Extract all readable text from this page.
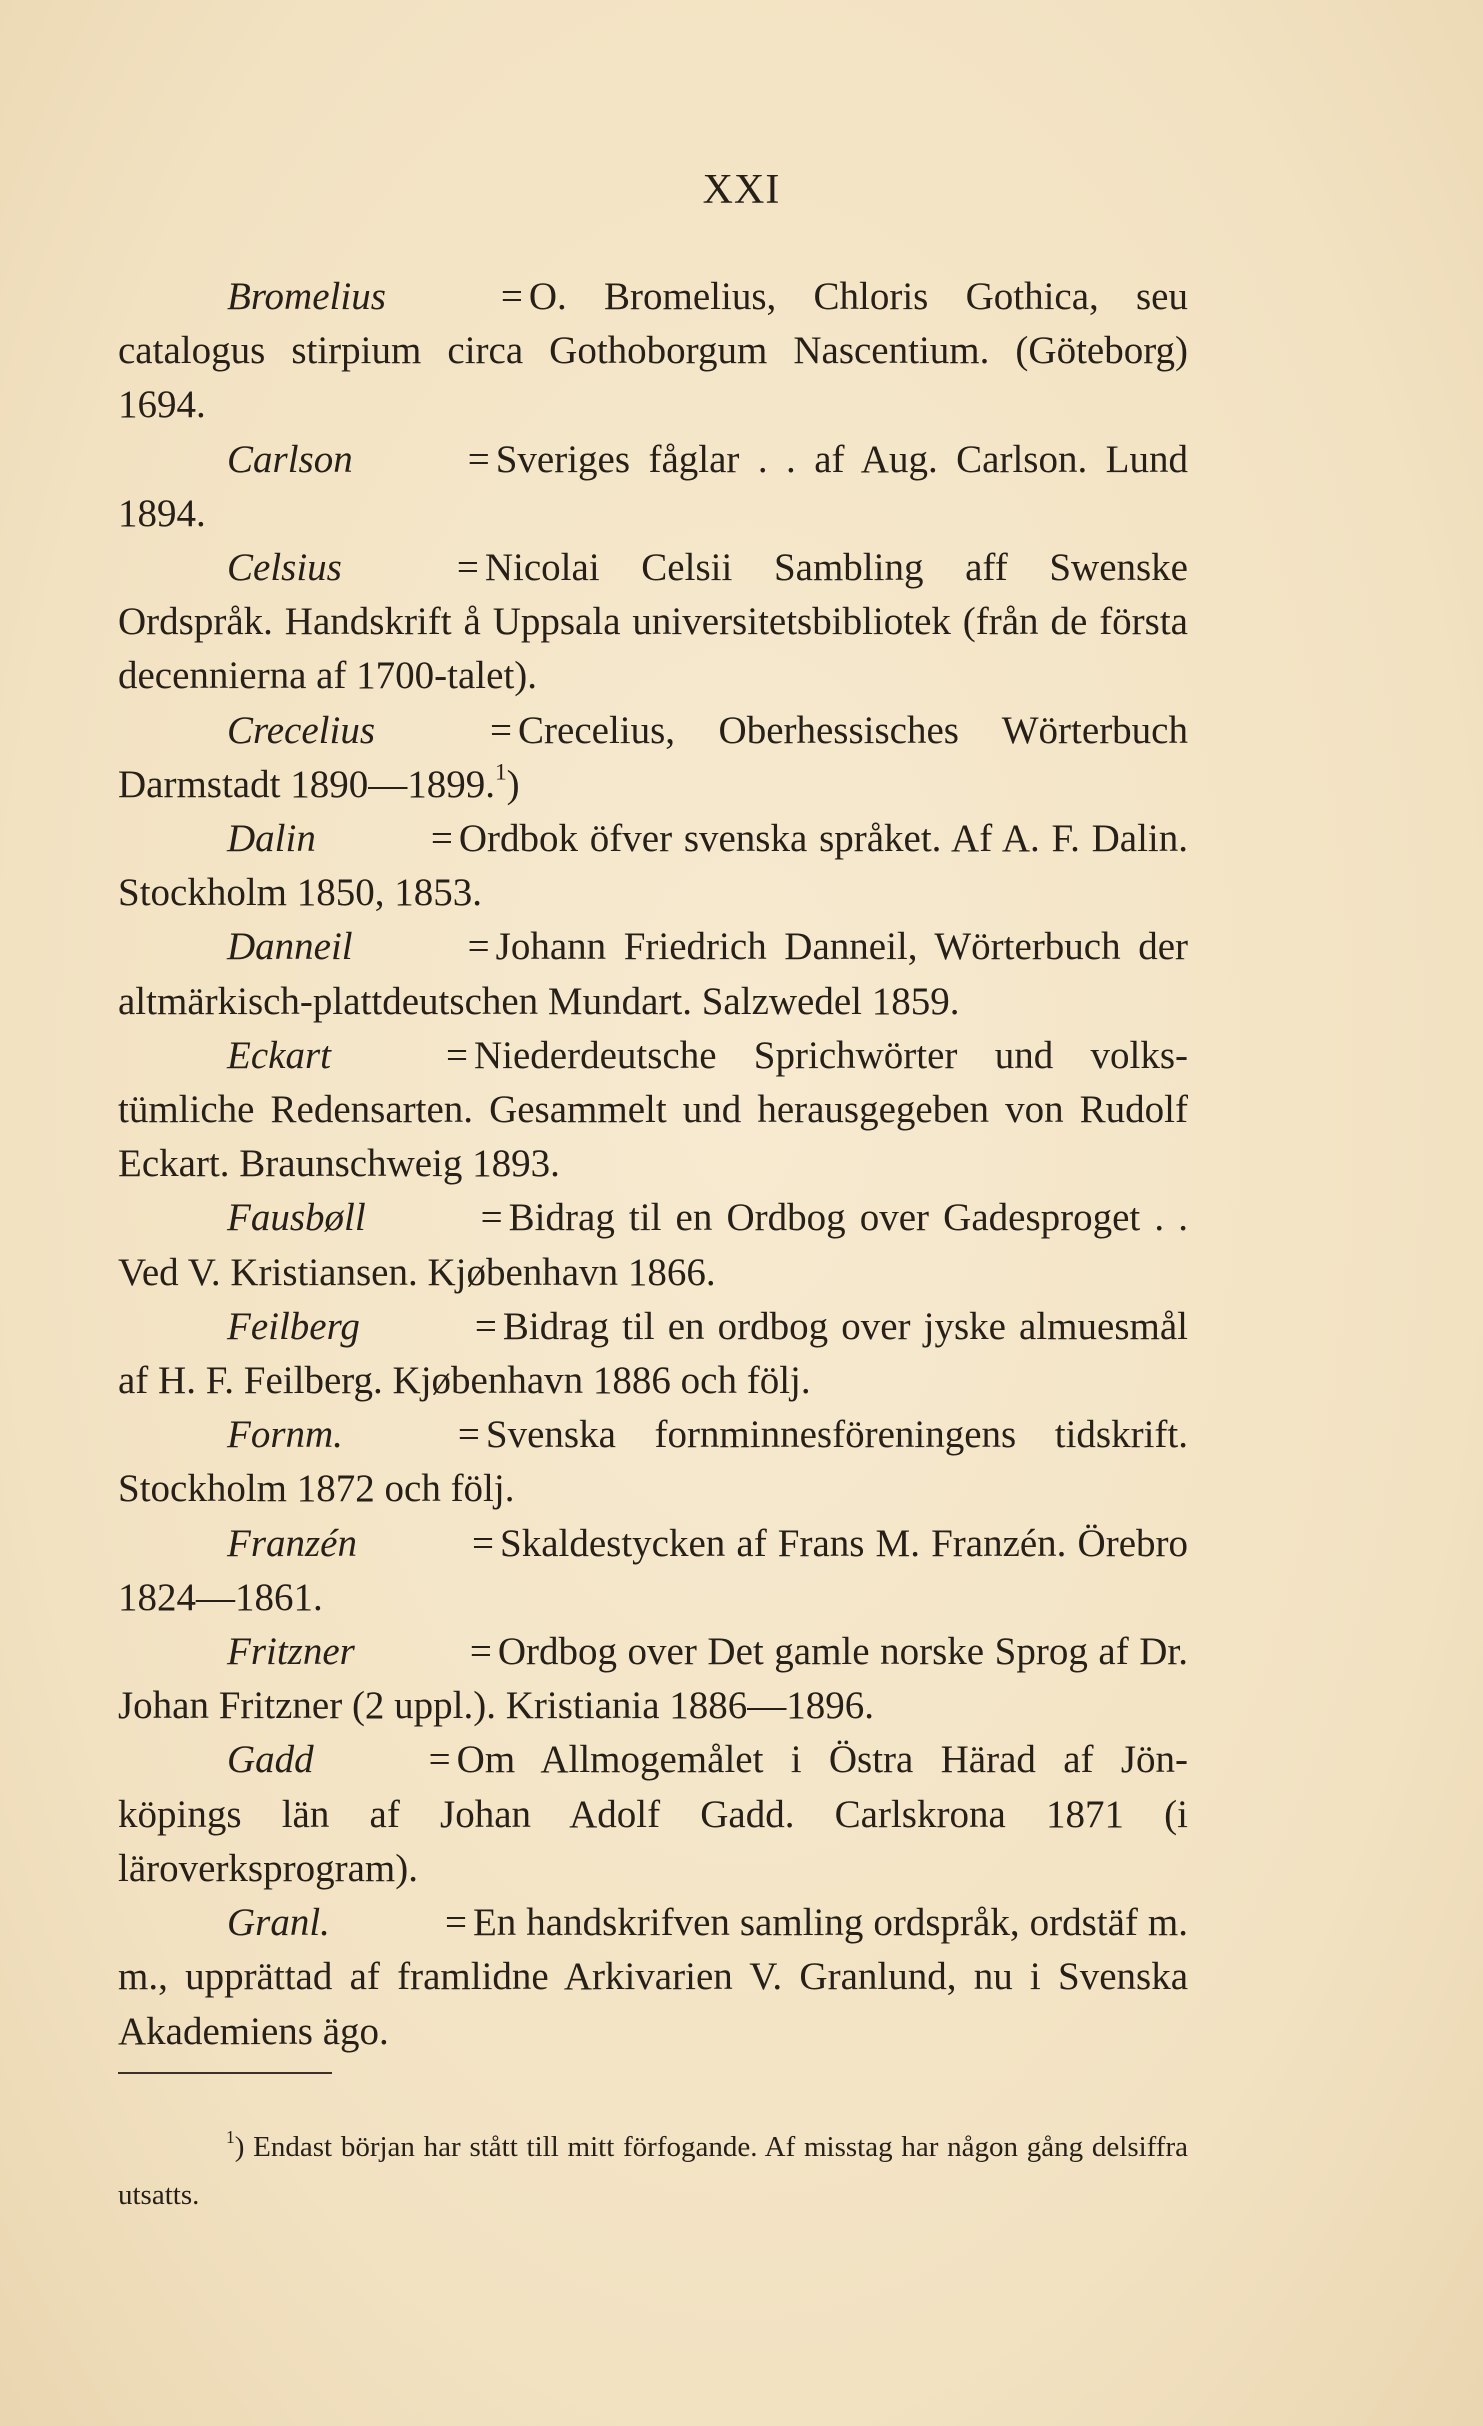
XXI

Bromelius	= O. Bromelius, Chloris Gothica, seu catalogus stirpium circa Gothoborgum Nascentium. (Göteborg) 1694.

Carlson	= Sveriges fåglar . . af Aug. Carlson. Lund 1894.

Celsius	= Nicolai Celsii Sambling aff Swenske Ordspråk. Handskrift å Uppsala universitetsbibliotek (från de första decennierna af 1700-talet).

Crecelius	= Crecelius, Oberhessisches Wörterbuch Darmstadt 1890—1899.$^1$)

Dalin	= Ordbok öfver svenska språket. Af A. F. Dalin. Stockholm 1850, 1853.

Danneil	= Johann Friedrich Danneil, Wörterbuch der altmärkisch-plattdeutschen Mundart. Salzwedel 1859.

Eckart	= Niederdeutsche Sprichwörter und volkstümliche Redensarten. Gesammelt und herausgegeben von Rudolf Eckart. Braunschweig 1893.

Fausbøll	= Bidrag til en Ordbog over Gadesproget . . Ved V. Kristiansen. Kjøbenhavn 1866.

Feilberg	= Bidrag til en ordbog over jyske almuesmål af H. F. Feilberg. Kjøbenhavn 1886 och följ.

Fornm.	= Svenska fornminnesföreningens tidskrift. Stockholm 1872 och följ.

Franzén	= Skaldestycken af Frans M. Franzén. Örebro 1824—1861.

Fritzner	= Ordbog over Det gamle norske Sprog af Dr. Johan Fritzner (2 uppl.). Kristiania 1886—1896.

Gadd	= Om Allmogemålet i Östra Härad af Jönköpings län af Johan Adolf Gadd. Carlskrona 1871 (i läroverksprogram).

Granl.	= En handskrifven samling ordspråk, ordstäf m. m., upprättad af framlidne Arkivarien V. Granlund, nu i Svenska Akademiens ägo.

$^1$) Endast början har stått till mitt förfogande. Af misstag har någon gång delsiffra utsatts.
